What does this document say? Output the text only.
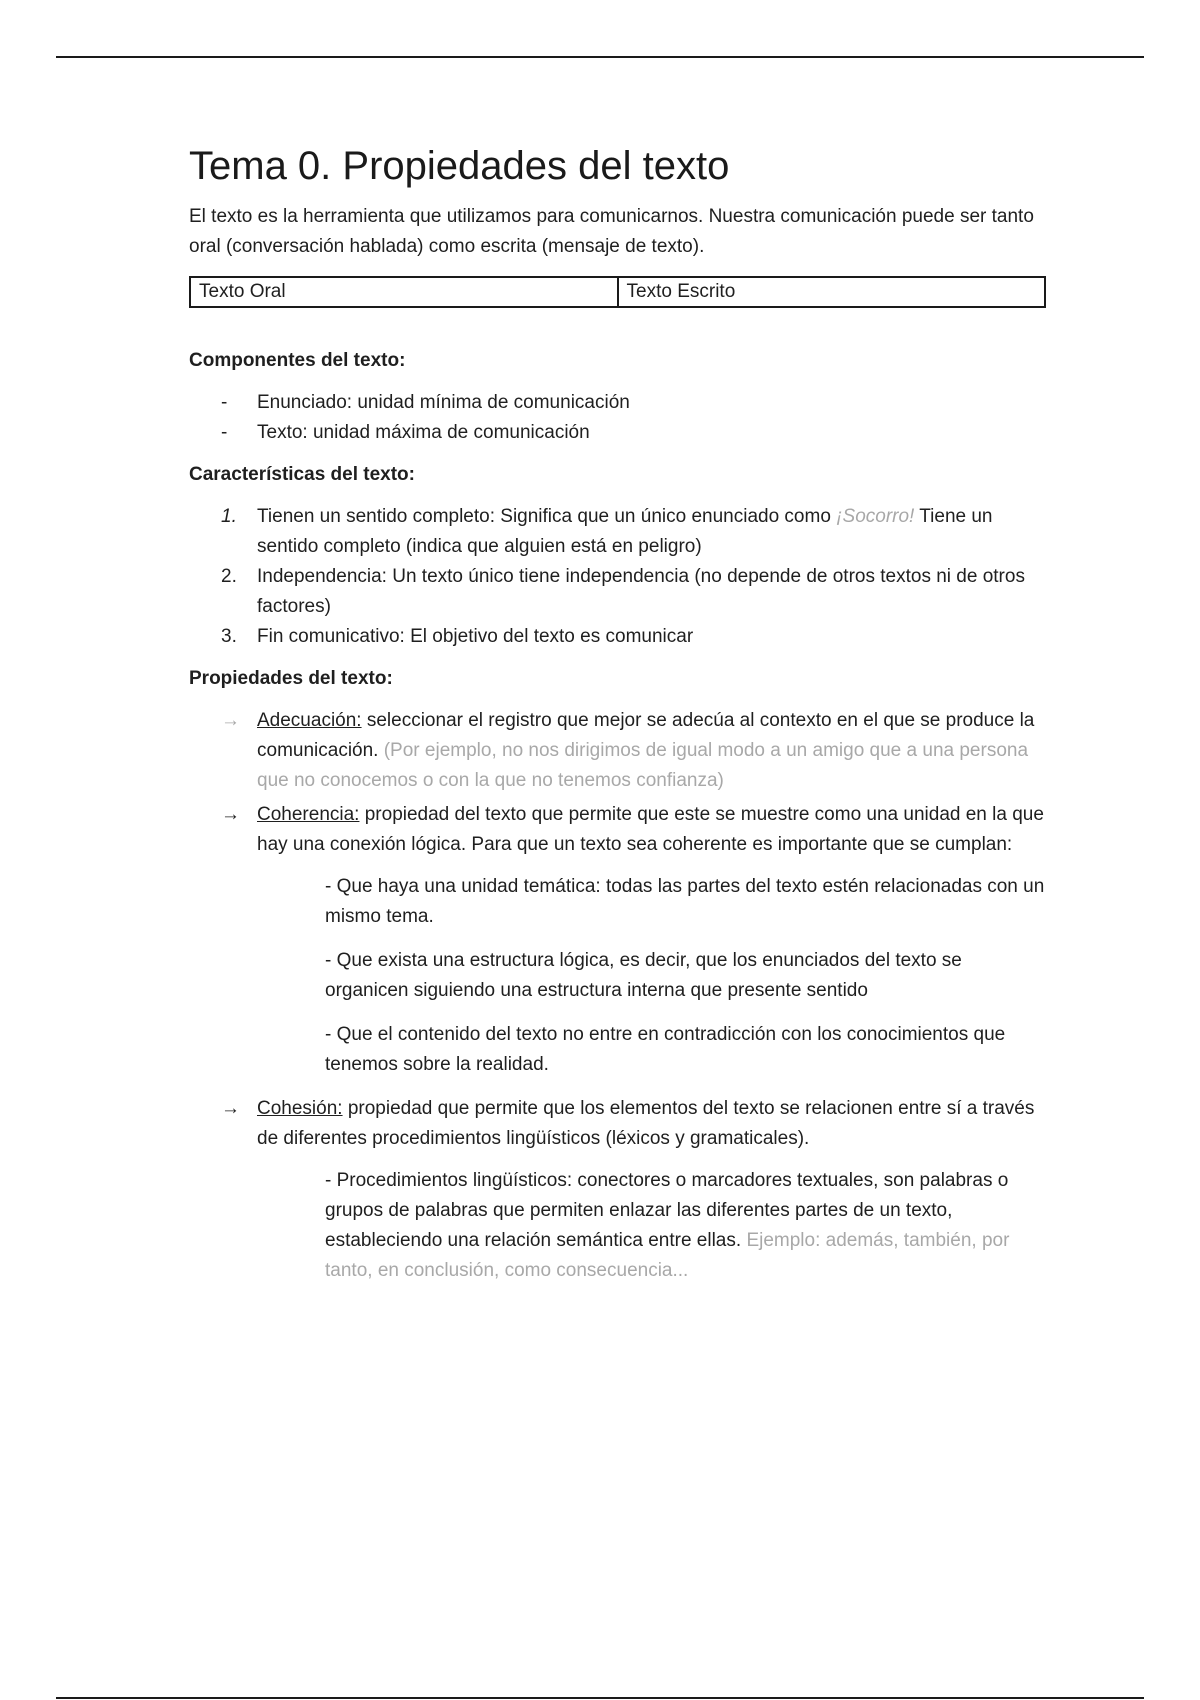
Tema 0. Propiedades del texto

El texto es la herramienta que utilizamos para comunicarnos. Nuestra comunicación puede ser tanto oral (conversación hablada) como escrita (mensaje de texto).

Texto Oral	Texto Escrito
Componentes del texto:
- Enunciado: unidad mínima de comunicación
- Texto: unidad máxima de comunicación
Características del texto:
1. Tienen un sentido completo: Significa que un único enunciado como ¡Socorro! Tiene un sentido completo (indica que alguien está en peligro)
2. Independencia: Un texto único tiene independencia (no depende de otros textos ni de otros factores)
3. Fin comunicativo: El objetivo del texto es comunicar
Propiedades del texto:
→ Adecuación: seleccionar el registro que mejor se adecúa al contexto en el que se produce la comunicación. (Por ejemplo, no nos dirigimos de igual modo a un amigo que a una persona que no conocemos o con la que no tenemos confianza)
→ Coherencia: propiedad del texto que permite que este se muestre como una unidad en la que hay una conexión lógica. Para que un texto sea coherente es importante que se cumplan:

- Que haya una unidad temática: todas las partes del texto estén relacionadas con un mismo tema.

- Que exista una estructura lógica, es decir, que los enunciados del texto se organicen siguiendo una estructura interna que presente sentido

- Que el contenido del texto no entre en contradicción con los conocimientos que tenemos sobre la realidad.

→ Cohesión: propiedad que permite que los elementos del texto se relacionen entre sí a través de diferentes procedimientos lingüísticos (léxicos y gramaticales).

- Procedimientos lingüísticos: conectores o marcadores textuales, son palabras o grupos de palabras que permiten enlazar las diferentes partes de un texto, estableciendo una relación semántica entre ellas. Ejemplo: además, también, por tanto, en conclusión, como consecuencia...
